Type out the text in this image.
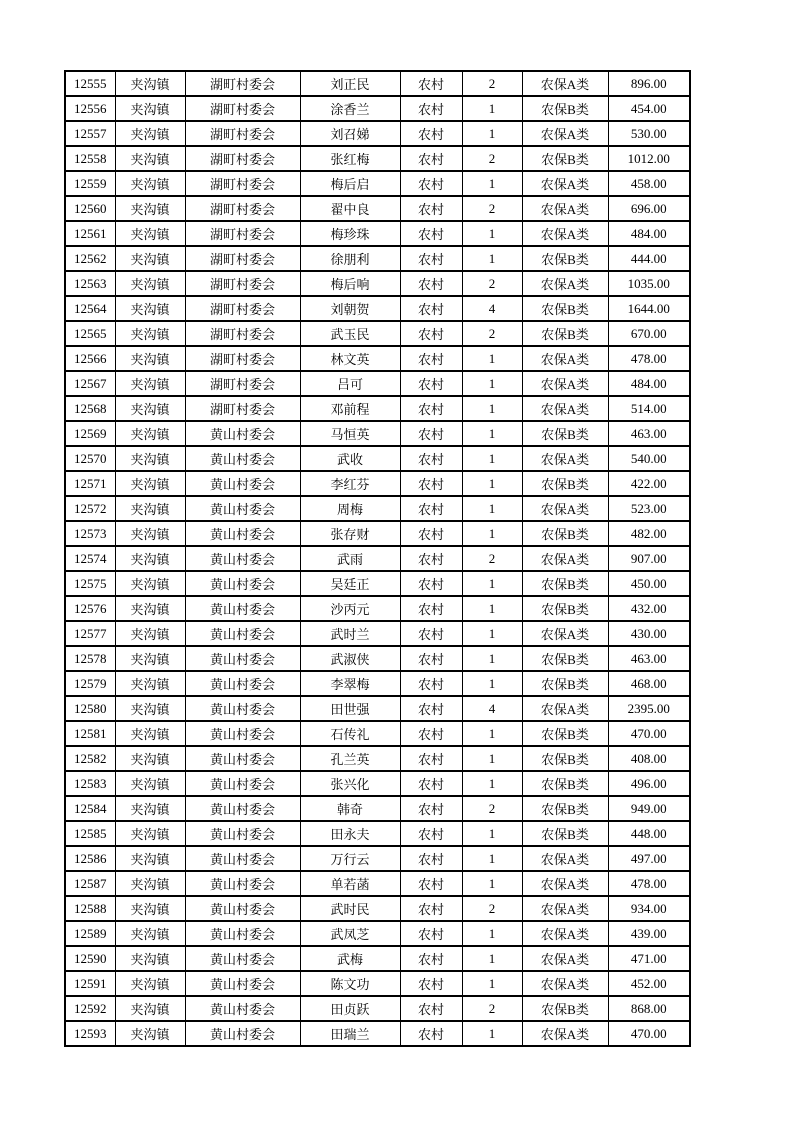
12555	夹沟镇	湖町村委会	刘正民	农村	2	农保A类	896.00
12556	夹沟镇	湖町村委会	涂香兰	农村	1	农保B类	454.00
12557	夹沟镇	湖町村委会	刘召娣	农村	1	农保A类	530.00
12558	夹沟镇	湖町村委会	张红梅	农村	2	农保B类	1012.00
12559	夹沟镇	湖町村委会	梅后启	农村	1	农保A类	458.00
12560	夹沟镇	湖町村委会	翟中良	农村	2	农保A类	696.00
12561	夹沟镇	湖町村委会	梅珍珠	农村	1	农保A类	484.00
12562	夹沟镇	湖町村委会	徐朋利	农村	1	农保B类	444.00
12563	夹沟镇	湖町村委会	梅后响	农村	2	农保A类	1035.00
12564	夹沟镇	湖町村委会	刘朝贺	农村	4	农保B类	1644.00
12565	夹沟镇	湖町村委会	武玉民	农村	2	农保B类	670.00
12566	夹沟镇	湖町村委会	林文英	农村	1	农保A类	478.00
12567	夹沟镇	湖町村委会	吕可	农村	1	农保A类	484.00
12568	夹沟镇	湖町村委会	邓前程	农村	1	农保A类	514.00
12569	夹沟镇	黄山村委会	马恒英	农村	1	农保B类	463.00
12570	夹沟镇	黄山村委会	武收	农村	1	农保A类	540.00
12571	夹沟镇	黄山村委会	李红芬	农村	1	农保B类	422.00
12572	夹沟镇	黄山村委会	周梅	农村	1	农保A类	523.00
12573	夹沟镇	黄山村委会	张存财	农村	1	农保B类	482.00
12574	夹沟镇	黄山村委会	武雨	农村	2	农保A类	907.00
12575	夹沟镇	黄山村委会	吴廷正	农村	1	农保B类	450.00
12576	夹沟镇	黄山村委会	沙丙元	农村	1	农保B类	432.00
12577	夹沟镇	黄山村委会	武时兰	农村	1	农保A类	430.00
12578	夹沟镇	黄山村委会	武淑侠	农村	1	农保B类	463.00
12579	夹沟镇	黄山村委会	李翠梅	农村	1	农保B类	468.00
12580	夹沟镇	黄山村委会	田世强	农村	4	农保A类	2395.00
12581	夹沟镇	黄山村委会	石传礼	农村	1	农保B类	470.00
12582	夹沟镇	黄山村委会	孔兰英	农村	1	农保B类	408.00
12583	夹沟镇	黄山村委会	张兴化	农村	1	农保B类	496.00
12584	夹沟镇	黄山村委会	韩奇	农村	2	农保B类	949.00
12585	夹沟镇	黄山村委会	田永夫	农村	1	农保B类	448.00
12586	夹沟镇	黄山村委会	万行云	农村	1	农保A类	497.00
12587	夹沟镇	黄山村委会	单若菡	农村	1	农保A类	478.00
12588	夹沟镇	黄山村委会	武时民	农村	2	农保A类	934.00
12589	夹沟镇	黄山村委会	武凤芝	农村	1	农保A类	439.00
12590	夹沟镇	黄山村委会	武梅	农村	1	农保A类	471.00
12591	夹沟镇	黄山村委会	陈文功	农村	1	农保A类	452.00
12592	夹沟镇	黄山村委会	田贞跃	农村	2	农保B类	868.00
12593	夹沟镇	黄山村委会	田瑞兰	农村	1	农保A类	470.00
